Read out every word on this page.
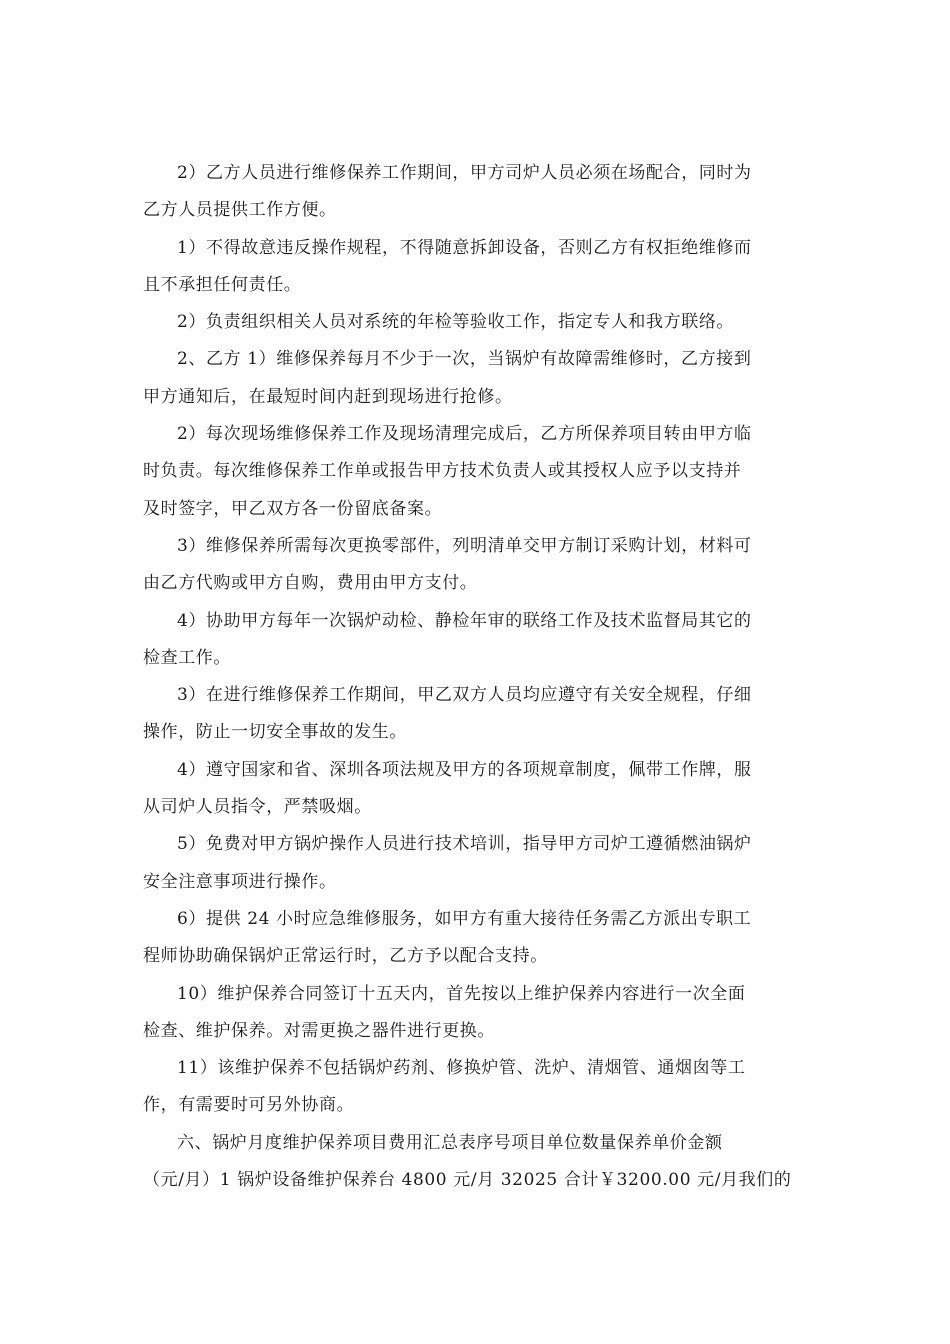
2）乙方人员进行维修保养工作期间，甲方司炉人员必须在场配合，同时为
乙方人员提供工作方便。
1）不得故意违反操作规程，不得随意拆卸设备，否则乙方有权拒绝维修而
且不承担任何责任。
2）负责组织相关人员对系统的年检等验收工作，指定专人和我方联络。
2、乙方 1）维修保养每月不少于一次，当锅炉有故障需维修时，乙方接到
甲方通知后，在最短时间内赶到现场进行抢修。
2）每次现场维修保养工作及现场清理完成后，乙方所保养项目转由甲方临
时负责。每次维修保养工作单或报告甲方技术负责人或其授权人应予以支持并
及时签字，甲乙双方各一份留底备案。
3）维修保养所需每次更换零部件，列明清单交甲方制订采购计划，材料可
由乙方代购或甲方自购，费用由甲方支付。
4）协助甲方每年一次锅炉动检、静检年审的联络工作及技术监督局其它的
检查工作。
3）在进行维修保养工作期间，甲乙双方人员均应遵守有关安全规程，仔细
操作，防止一切安全事故的发生。
4）遵守国家和省、深圳各项法规及甲方的各项规章制度，佩带工作牌，服
从司炉人员指令，严禁吸烟。
5）免费对甲方锅炉操作人员进行技术培训，指导甲方司炉工遵循燃油锅炉
安全注意事项进行操作。
6）提供 24 小时应急维修服务，如甲方有重大接待任务需乙方派出专职工
程师协助确保锅炉正常运行时，乙方予以配合支持。
10）维护保养合同签订十五天内，首先按以上维护保养内容进行一次全面
检查、维护保养。对需更换之器件进行更换。
11）该维护保养不包括锅炉药剂、修换炉管、洗炉、清烟管、通烟囱等工
作，有需要时可另外协商。
六、锅炉月度维护保养项目费用汇总表序号项目单位数量保养单价金额
（元/月）1 锅炉设备维护保养台 4800 元/月 32025 合计￥3200.00 元/月我们的
